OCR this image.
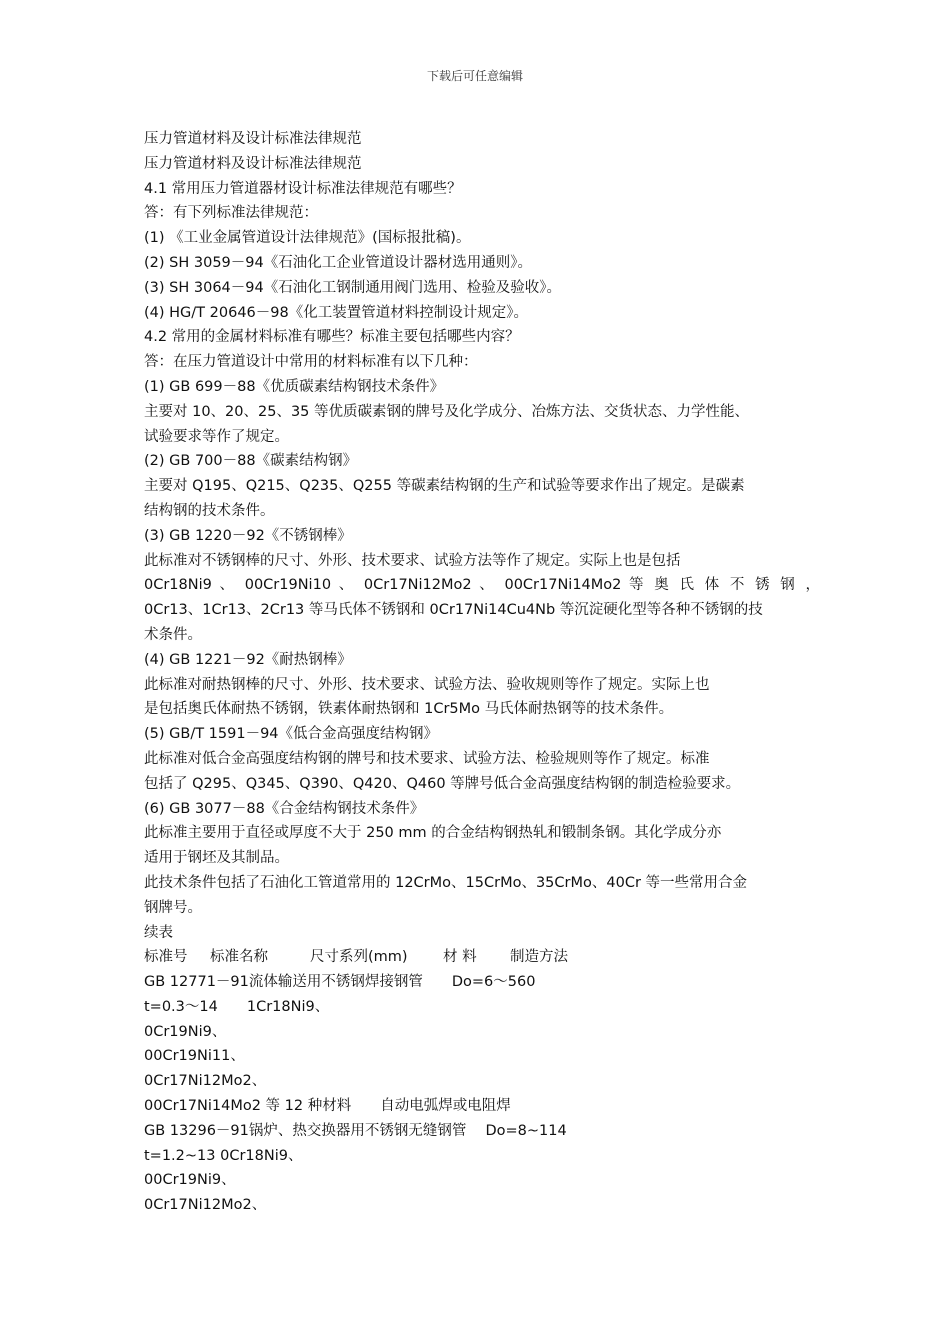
下载后可任意编辑
压力管道材料及设计标准法律规范
压力管道材料及设计标准法律规范
4.1 常用压力管道器材设计标准法律规范有哪些？
答：有下列标准法律规范：
(1) 《工业金属管道设计法律规范》(国标报批稿)。
(2) SH 3059－94《石油化工企业管道设计器材选用通则》。
(3) SH 3064－94《石油化工钢制通用阀门选用、检验及验收》。
(4) HG/T 20646－98《化工装置管道材料控制设计规定》。
4.2 常用的金属材料标准有哪些？标准主要包括哪些内容？
答：在压力管道设计中常用的材料标准有以下几种：
(1) GB 699－88《优质碳素结构钢技术条件》
主要对 10、20、25、35 等优质碳素钢的牌号及化学成分、冶炼方法、交货状态、力学性能、
试验要求等作了规定。
(2) GB 700－88《碳素结构钢》
主要对 Q195、Q215、Q235、Q255 等碳素结构钢的生产和试验等要求作出了规定。是碳素
结构钢的技术条件。
(3) GB 1220－92《不锈钢棒》
此标准对不锈钢棒的尺寸、外形、技术要求、试验方法等作了规定。实际上也是包括
0Cr18Ni9 、 00Cr19Ni10 、 0Cr17Ni12Mo2 、 00Cr17Ni14Mo2 等 奥 氏 体 不 锈 钢 ，
0Cr13、1Cr13、2Cr13 等马氏体不锈钢和 0Cr17Ni14Cu4Nb 等沉淀硬化型等各种不锈钢的技
术条件。
(4) GB 1221－92《耐热钢棒》
此标准对耐热钢棒的尺寸、外形、技术要求、试验方法、验收规则等作了规定。实际上也
是包括奥氏体耐热不锈钢，铁素体耐热钢和 1Cr5Mo 马氏体耐热钢等的技术条件。
(5) GB/T 1591－94《低合金高强度结构钢》
此标准对低合金高强度结构钢的牌号和技术要求、试验方法、检验规则等作了规定。标准
包括了 Q295、Q345、Q390、Q420、Q460 等牌号低合金高强度结构钢的制造检验要求。
(6) GB 3077－88《合金结构钢技术条件》
此标准主要用于直径或厚度不大于 250 mm 的合金结构钢热轧和锻制条钢。其化学成分亦
适用于钢坯及其制品。
此技术条件包括了石油化工管道常用的 12CrMo、15CrMo、35CrMo、40Cr 等一些常用合金
钢牌号。
续表
标准号 标准名称	尺寸系列(mm) 材 料 制造方法
GB 12771－91流体输送用不锈钢焊接钢管　　Do=6～560
t=0.3～14　　1Cr18Ni9、
0Cr19Ni9、
00Cr19Ni11、
0Cr17Ni12Mo2、
00Cr17Ni14Mo2 等 12 种材料　　自动电弧焊或电阻焊
GB 13296－91锅炉、热交换器用不锈钢无缝钢管　 Do=8~114
t=1.2~13 0Cr18Ni9、
00Cr19Ni9、
0Cr17Ni12Mo2、
